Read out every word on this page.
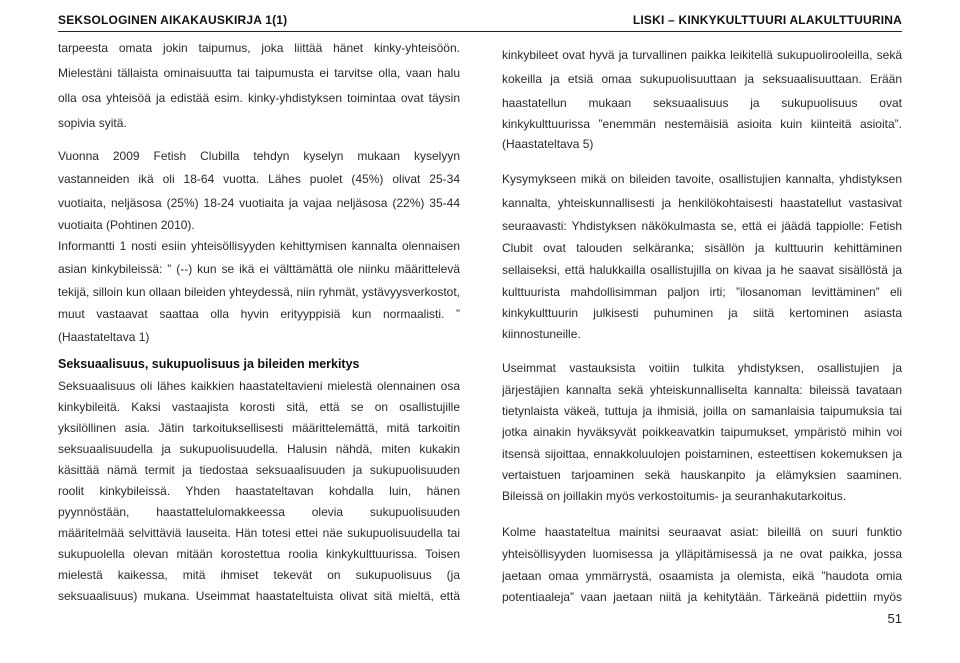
SEKSOLOGINEN AIKAKAUSKIRJA 1(1)	LISKI – KINKYKULTTUURI ALAKULTTUURINA
tarpeesta omata jokin taipumus, joka liittää hänet kinky-yhteisöön.
Mielestäni tällaista ominaisuutta tai taipumusta ei tarvitse olla, vaan halu
olla osa yhteisöä ja edistää esim. kinky-yhdistyksen toimintaa ovat täysin
sopivia syitä.
Vuonna 2009 Fetish Clubilla tehdyn kyselyn mukaan kyselyyn
vastanneiden ikä oli 18-64 vuotta. Lähes puolet (45%) olivat 25-34
vuotiaita, neljäsosa (25%) 18-24 vuotiaita ja vajaa neljäsosa (22%) 35-44
vuotiaita (Pohtinen 2010).
Informantti 1 nosti esiin yhteisöllisyyden kehittymisen kannalta olennaisen
asian kinkybileissä: ” (--) kun se ikä ei välttämättä ole niinku määrittelevä
tekijä, silloin kun ollaan bileiden yhteydessä, niin ryhmät, ystävyysverkostot,
muut vastaavat saattaa olla hyvin erityyppisiä kun normaalisti. ”
(Haastateltava 1)
kinkybileet ovat hyvä ja turvallinen paikka leikitellä sukupuolirooleilla, sekä
kokeilla ja etsiä omaa sukupuolisuuttaan ja seksuaalisuuttaan. Erään
haastatellun mukaan seksuaalisuus ja sukupuolisuus ovat
kinkykulttuurissa ”enemmän nestemäisiä asioita kuin kiinteitä asioita”.
(Haastateltava 5)
Kysymykseen mikä on bileiden tavoite, osallistujien kannalta, yhdistyksen
kannalta, yhteiskunnallisesti ja henkilökohtaisesti haastatellut vastasivat
seuraavasti: Yhdistyksen näkökulmasta se, että ei jäädä tappiolle: Fetish
Clubit ovat talouden selkäranka; sisällön ja kulttuurin kehittäminen
sellaiseksi, että halukkailla osallistujilla on kivaa ja he saavat sisällöstä ja
kulttuurista mahdollisimman paljon irti; ”ilosanoman levittäminen” eli
kinkykulttuurin julkisesti puhuminen ja siitä kertominen asiasta
kiinnostuneille.
Seksuaalisuus, sukupuolisuus ja bileiden merkitys
Seksuaalisuus oli lähes kaikkien haastateltavieni mielestä olennainen osa
kinkybileitä. Kaksi vastaajista korosti sitä, että se on osallistujille
yksilöllinen asia. Jätin tarkoituksellisesti määrittelemättä, mitä tarkoitin
seksuaalisuudella ja sukupuolisuudella. Halusin nähdä, miten kukakin
käsittää nämä termit ja tiedostaa seksuaalisuuden ja sukupuolisuuden
roolit kinkybileissä. Yhden haastateltavan kohdalla luin, hänen
pyynnöstään, haastattelulomakkeessa olevia sukupuolisuuden
määritelmää selvittäviä lauseita. Hän totesi ettei näe sukupuolisuudella tai
sukupuolella olevan mitään korostettua roolia kinkykulttuurissa. Toisen
mielestä kaikessa, mitä ihmiset tekevät on sukupuolisuus (ja
seksuaalisuus) mukana. Useimmat haastateltuista olivat sitä mieltä, että
Useimmat vastauksista voitiin tulkita yhdistyksen, osallistujien ja
järjestäjien kannalta sekä yhteiskunnalliselta kannalta: bileissä tavataan
tietynlaista väkeä, tuttuja ja ihmisiä, joilla on samanlaisia taipumuksia tai
jotka ainakin hyväksyvät poikkeavatkin taipumukset, ympäristö mihin voi
itsensä sijoittaa, ennakkoluulojen poistaminen, esteettisen kokemuksen ja
vertaistuen tarjoaminen sekä hauskanpito ja elämyksien saaminen.
Bileissä on joillakin myös verkostoitumis- ja seuranhakutarkoitus.
Kolme haastateltua mainitsi seuraavat asiat: bileillä on suuri funktio
yhteisöllisyyden luomisessa ja ylläpitämisessä ja ne ovat paikka, jossa
jaetaan omaa ymmärrystä, osaamista ja olemista, eikä ”haudota omia
potentiaaleja” vaan jaetaan niitä ja kehitytään. Tärkeänä pidettiin myös
51
